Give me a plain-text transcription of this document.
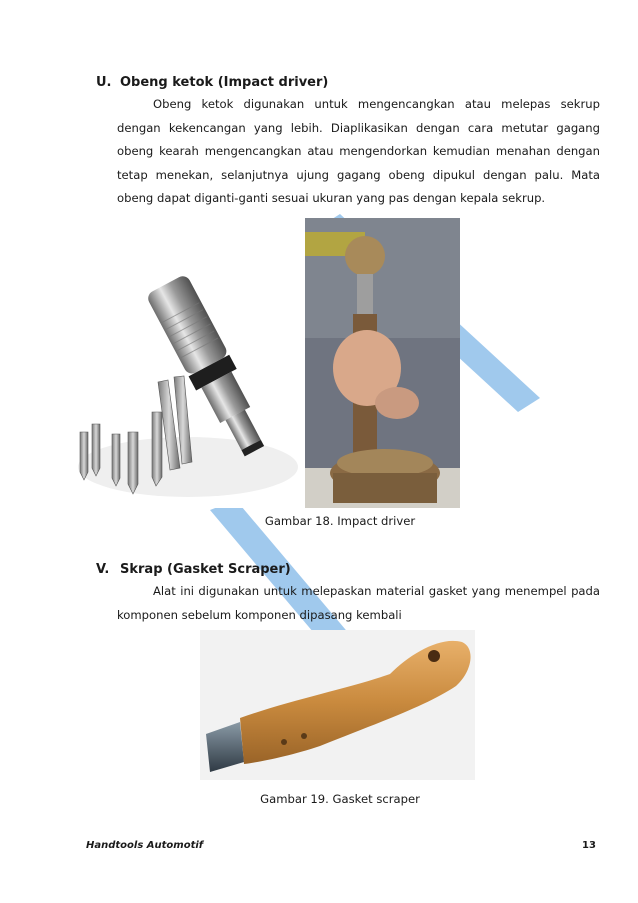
U. Obeng ketok (Impact driver)
Obeng ketok digunakan untuk mengencangkan atau melepas sekrup dengan kekencangan yang lebih. Diaplikasikan dengan cara metutar gagang obeng kearah mengencangkan atau mengendorkan kemudian menahan dengan tetap menekan, selanjutnya ujung gagang obeng dipukul dengan palu. Mata obeng dapat diganti-ganti sesuai ukuran yang pas dengan kepala sekrup.
Gambar 18. Impact driver
V. Skrap (Gasket Scraper)
Alat ini digunakan untuk melepaskan material gasket yang menempel pada komponen sebelum komponen dipasang kembali
Gambar 19. Gasket scraper
Handtools Automotif	13
